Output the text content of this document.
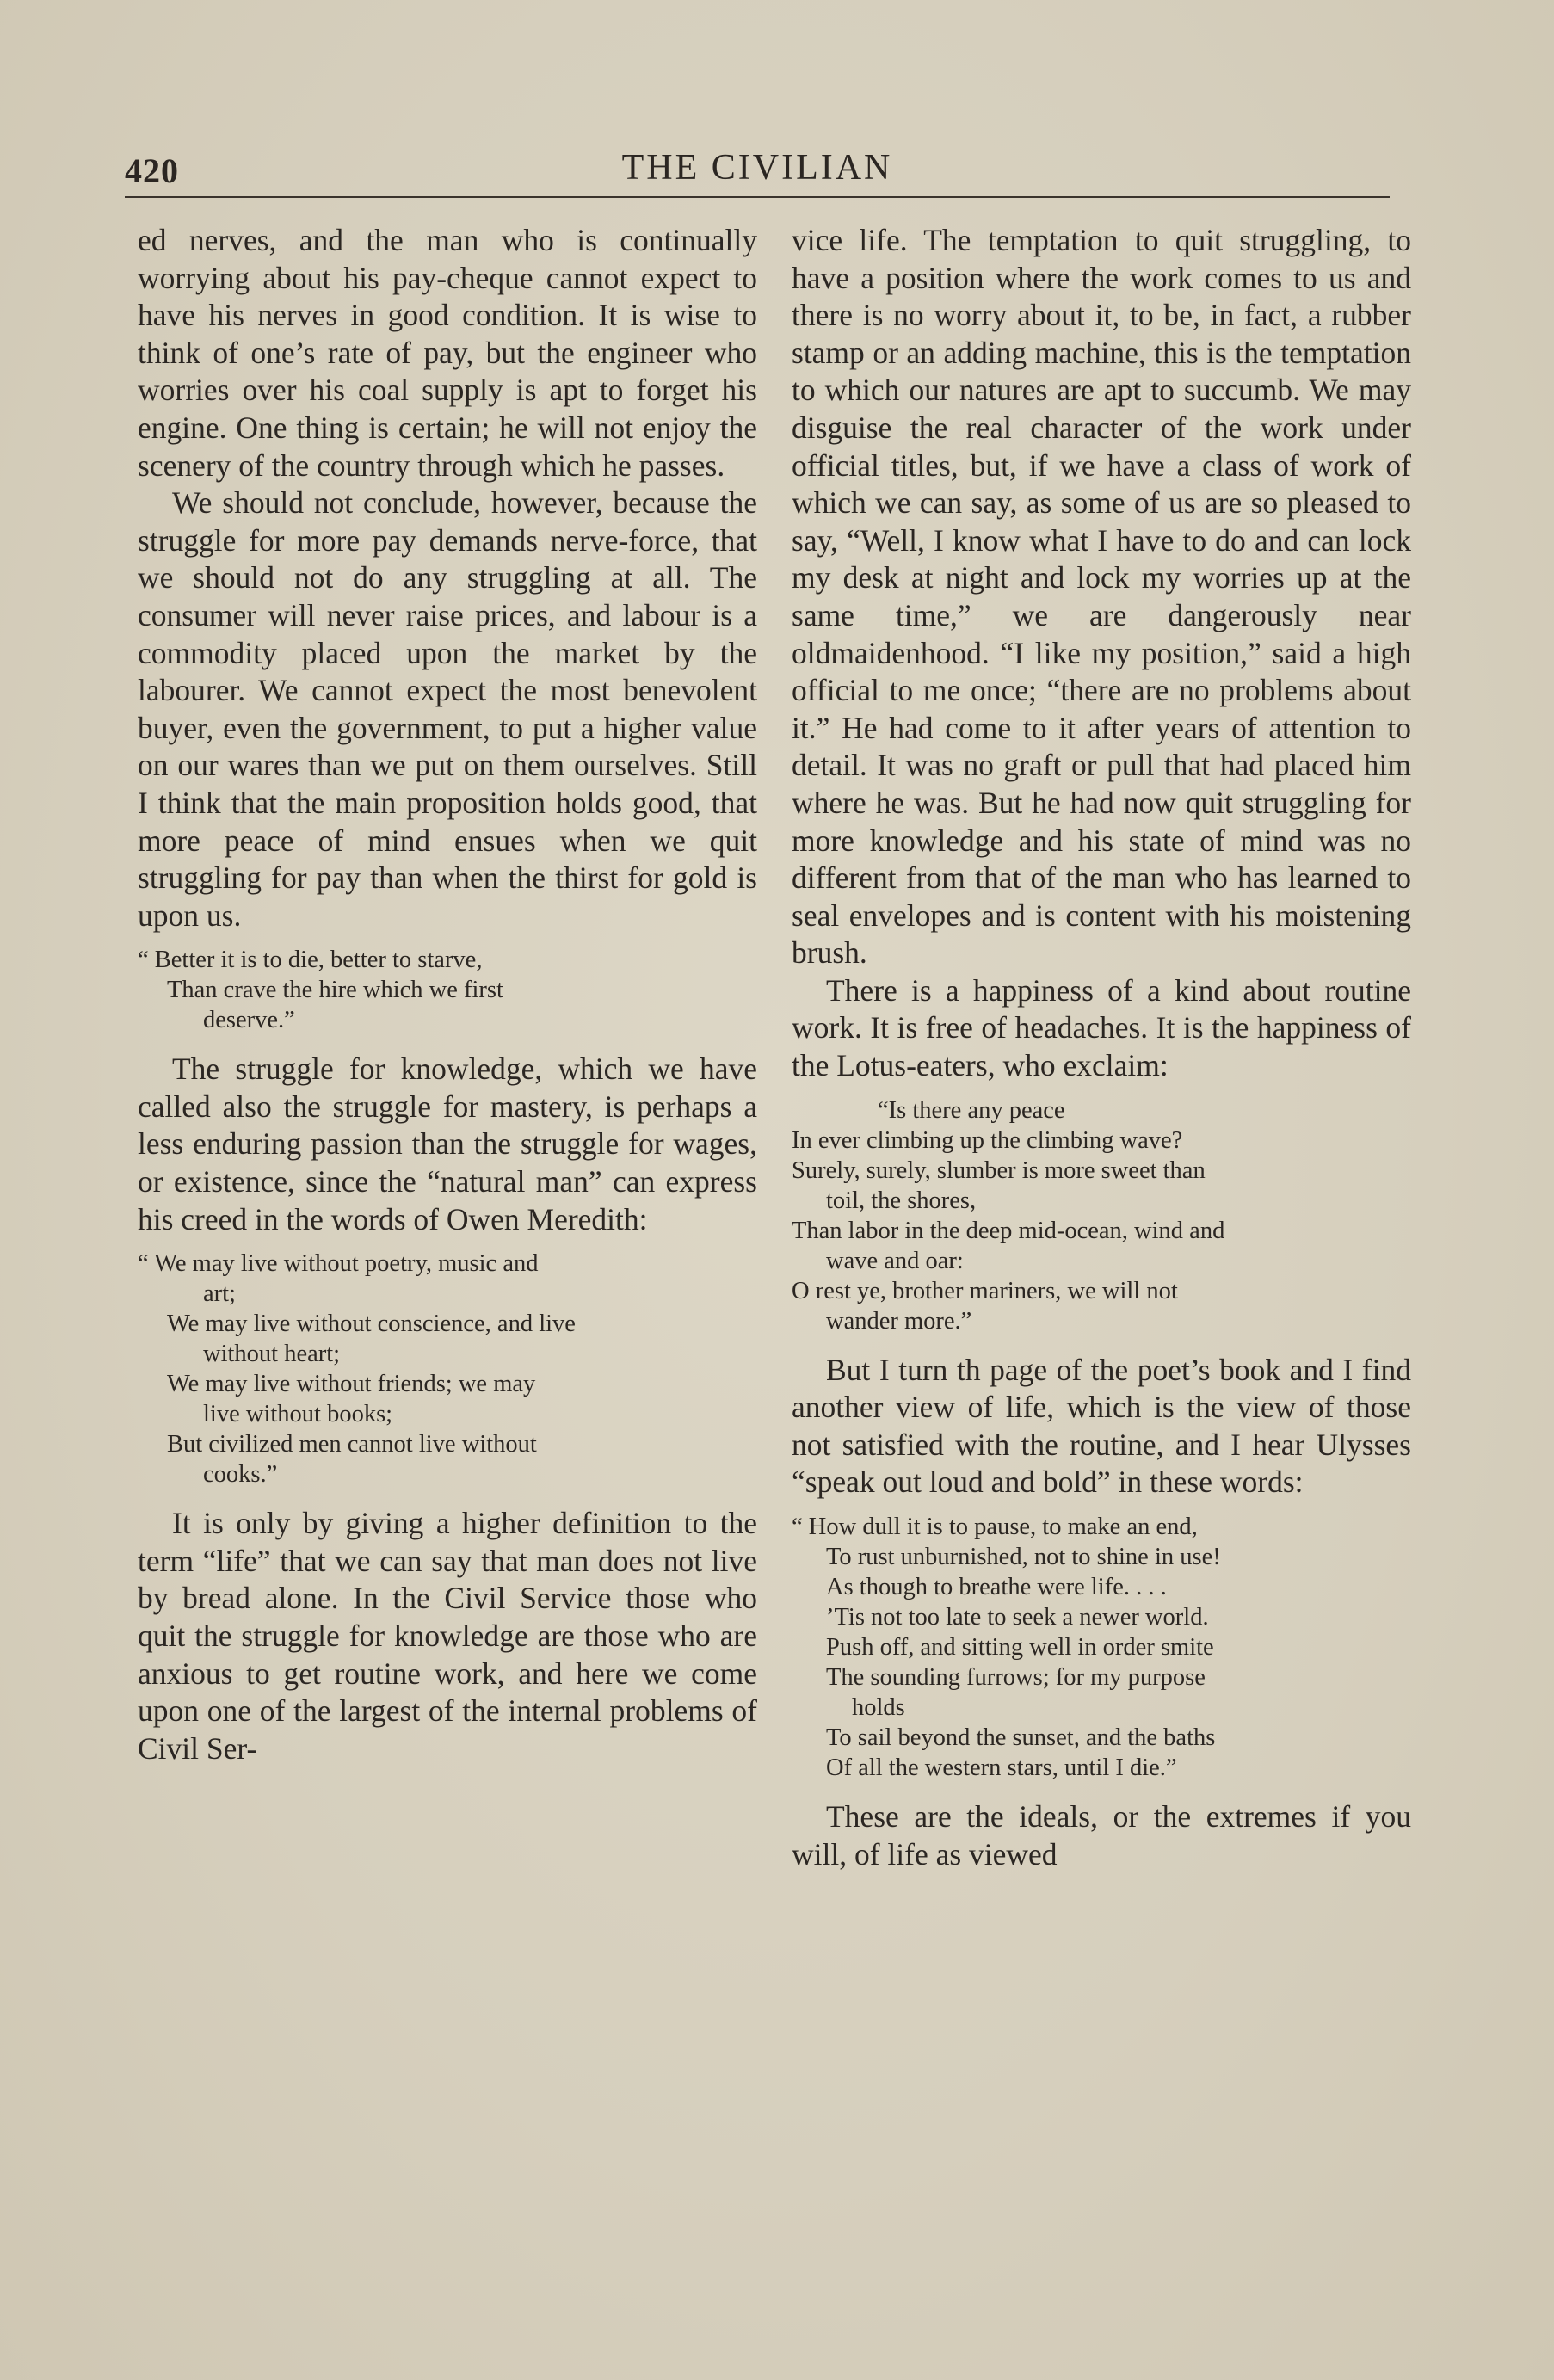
420	THE CIVILIAN

ed nerves, and the man who is continually worrying about his pay-cheque cannot expect to have his nerves in good condition. It is wise to think of one’s rate of pay, but the engineer who worries over his coal supply is apt to forget his engine. One thing is certain; he will not enjoy the scenery of the country through which he passes.

We should not conclude, however, because the struggle for more pay demands nerve-force, that we should not do any struggling at all. The consumer will never raise prices, and labour is a commodity placed upon the market by the labourer. We cannot expect the most benevolent buyer, even the government, to put a higher value on our wares than we put on them ourselves. Still I think that the main proposition holds good, that more peace of mind ensues when we quit struggling for pay than when the thirst for gold is upon us.

“ Better it is to die, better to starve,
Than crave the hire which we first
deserve.”

The struggle for knowledge, which we have called also the struggle for mastery, is perhaps a less enduring passion than the struggle for wages, or existence, since the “natural man” can express his creed in the words of Owen Meredith:

“ We may live without poetry, music and
art;
We may live without conscience, and live
without heart;
We may live without friends; we may
live without books;
But civilized men cannot live without
cooks.”

It is only by giving a higher definition to the term “life” that we can say that man does not live by bread alone. In the Civil Service those who quit the struggle for knowledge are those who are anxious to get routine work, and here we come upon one of the largest of the internal problems of Civil Ser-

vice life. The temptation to quit struggling, to have a position where the work comes to us and there is no worry about it, to be, in fact, a rubber stamp or an adding machine, this is the temptation to which our natures are apt to succumb. We may disguise the real character of the work under official titles, but, if we have a class of work of which we can say, as some of us are so pleased to say, “Well, I know what I have to do and can lock my desk at night and lock my worries up at the same time,” we are dangerously near oldmaidenhood. “I like my position,” said a high official to me once; “there are no problems about it.” He had come to it after years of attention to detail. It was no graft or pull that had placed him where he was. But he had now quit struggling for more knowledge and his state of mind was no different from that of the man who has learned to seal envelopes and is content with his moistening brush.

There is a happiness of a kind about routine work. It is free of headaches. It is the happiness of the Lotus-eaters, who exclaim:

“Is there any peace
In ever climbing up the climbing wave?
Surely, surely, slumber is more sweet than
toil, the shores,
Than labor in the deep mid-ocean, wind and
wave and oar:
O rest ye, brother mariners, we will not
wander more.”

But I turn th page of the poet’s book and I find another view of life, which is the view of those not satisfied with the routine, and I hear Ulysses “speak out loud and bold” in these words:

“ How dull it is to pause, to make an end,
To rust unburnished, not to shine in use!
As though to breathe were life. . . .
’Tis not too late to seek a newer world.
Push off, and sitting well in order smite
The sounding furrows; for my purpose
holds
To sail beyond the sunset, and the baths
Of all the western stars, until I die.”

These are the ideals, or the extremes if you will, of life as viewed
